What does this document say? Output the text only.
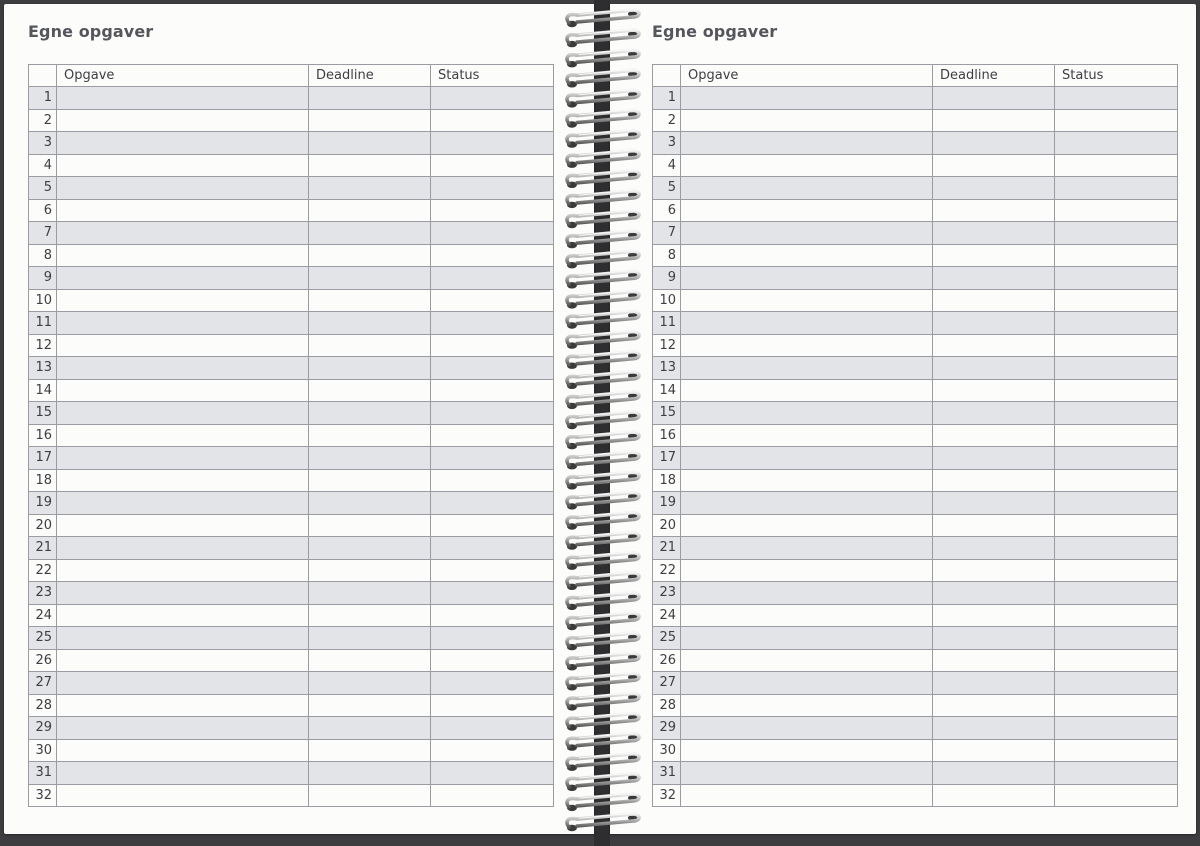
Egne opgaver
	Opgave	Deadline	Status
1			
2			
3			
4			
5			
6			
7			
8			
9			
10			
11			
12			
13			
14			
15			
16			
17			
18			
19			
20			
21			
22			
23			
24			
25			
26			
27			
28			
29			
30			
31			
32			
Egne opgaver
	Opgave	Deadline	Status
1			
2			
3			
4			
5			
6			
7			
8			
9			
10			
11			
12			
13			
14			
15			
16			
17			
18			
19			
20			
21			
22			
23			
24			
25			
26			
27			
28			
29			
30			
31			
32			
